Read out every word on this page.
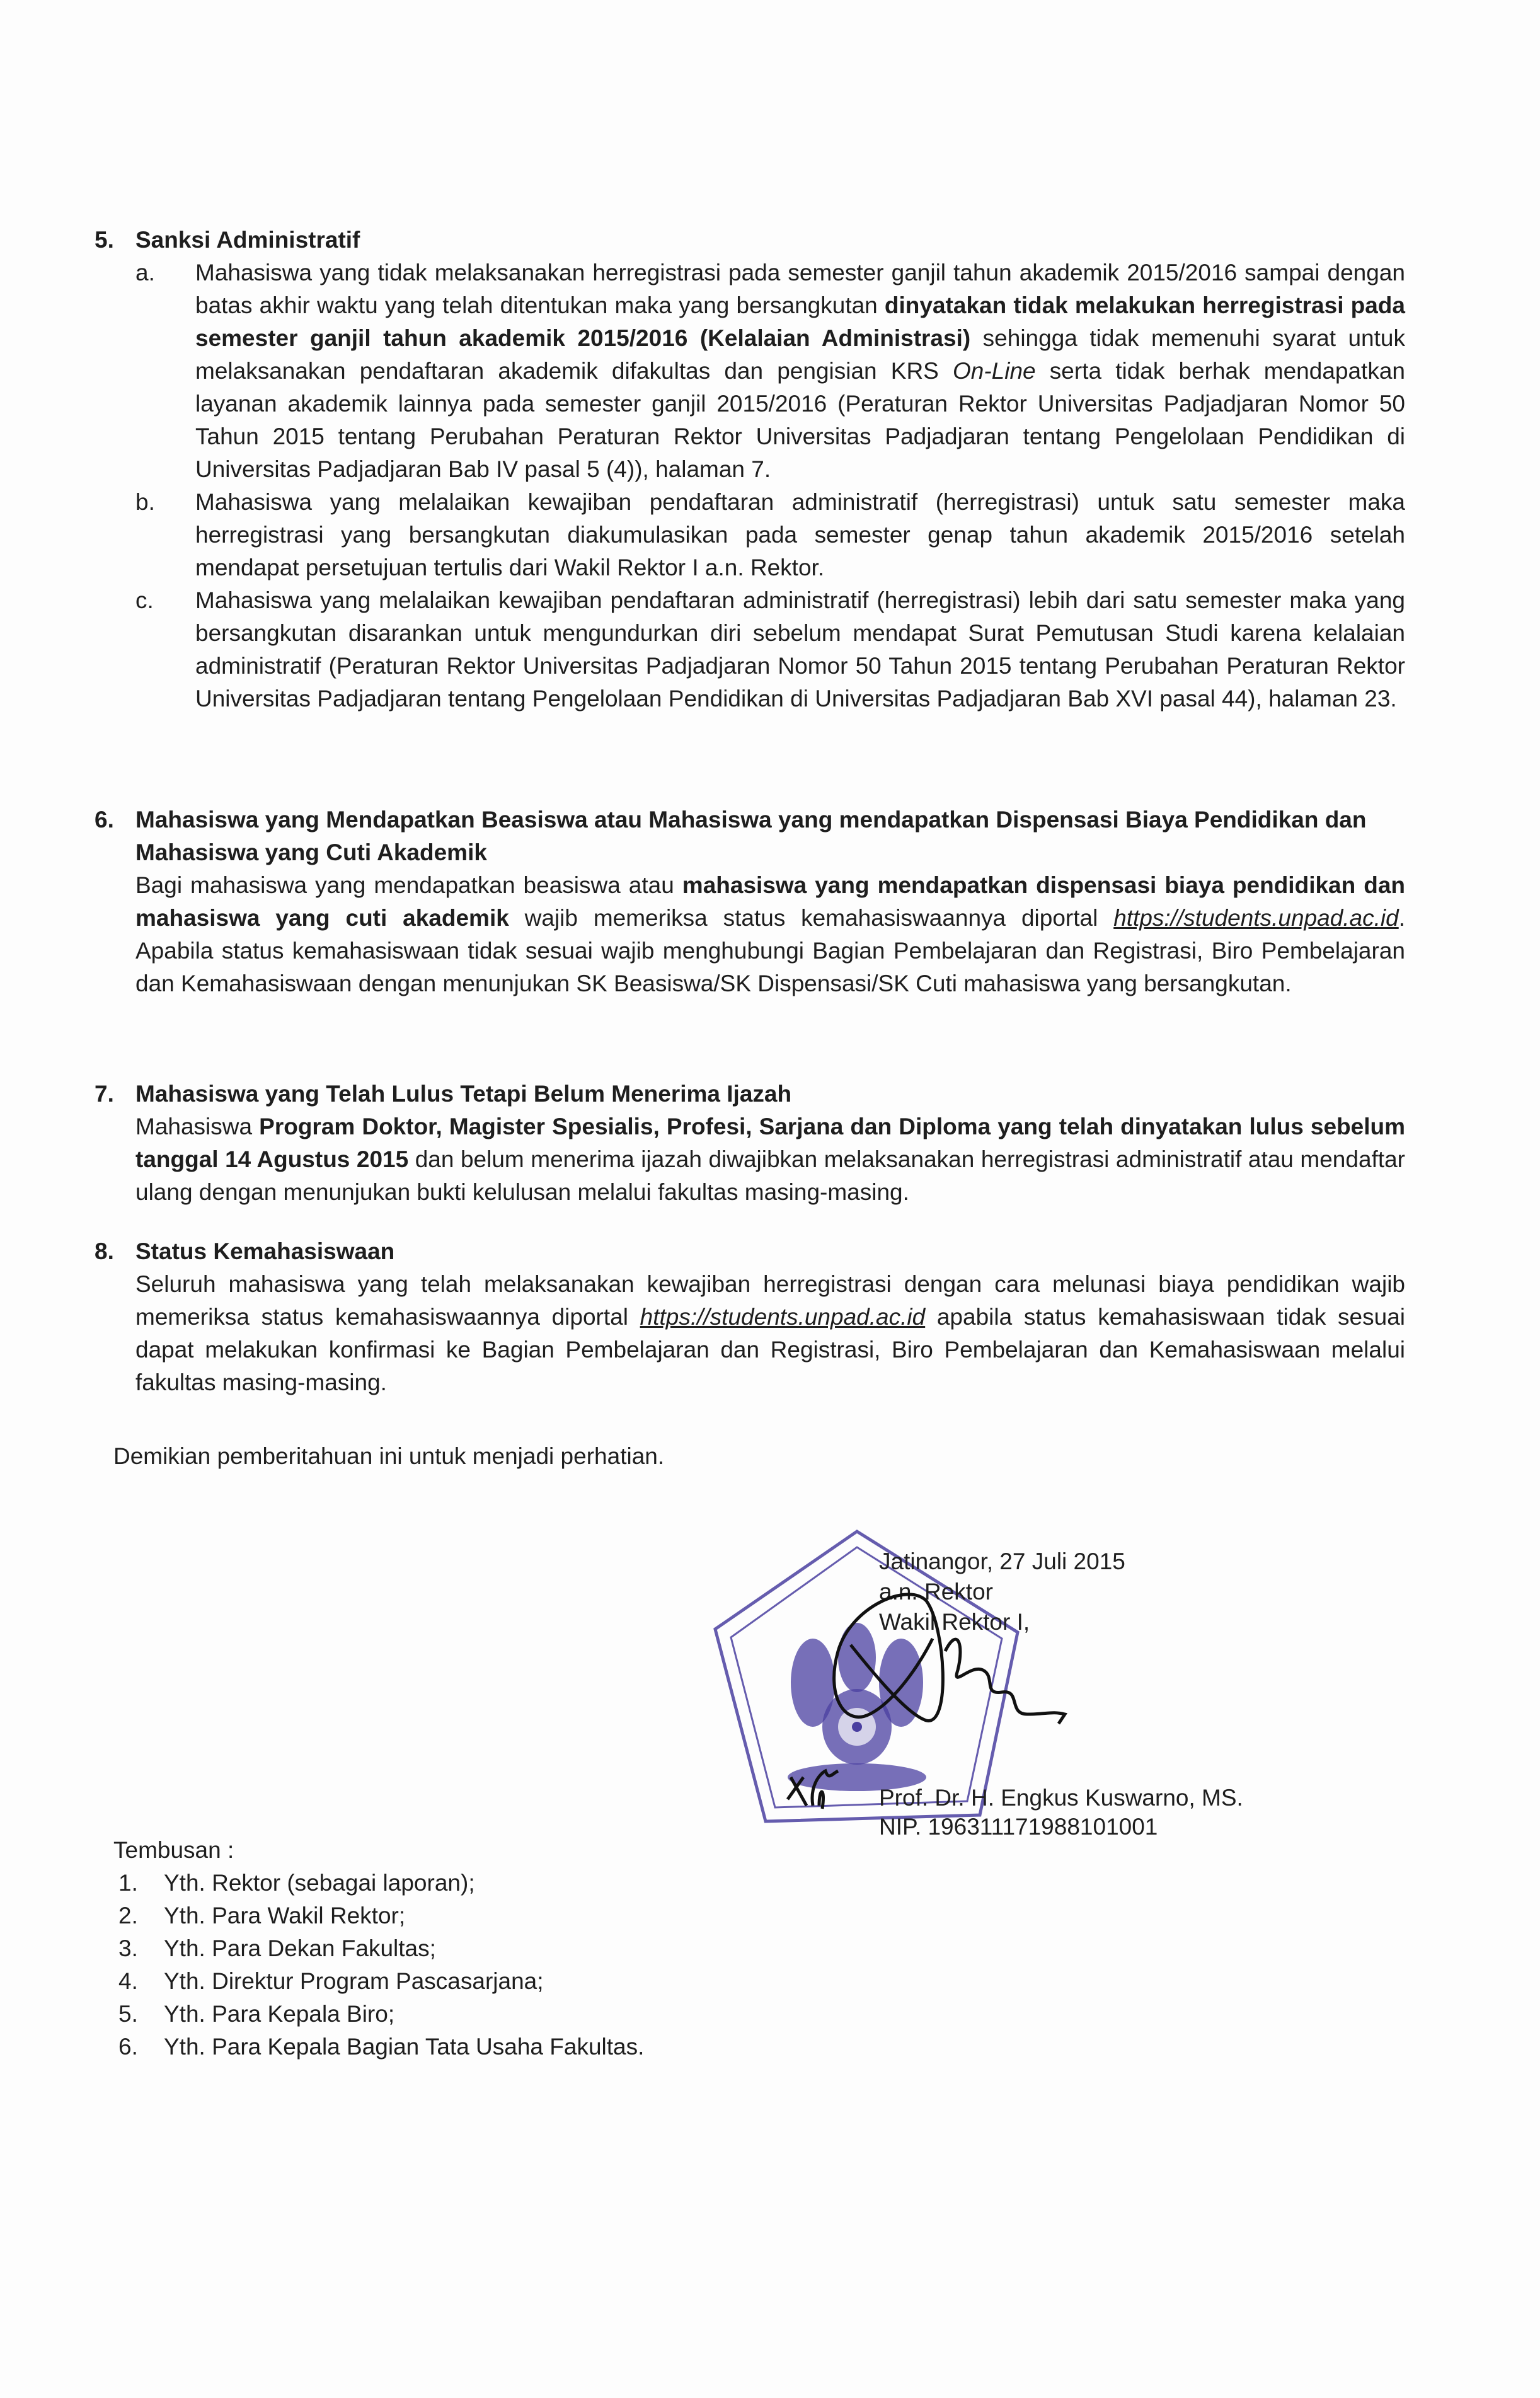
5. Sanksi Administratif
a. Mahasiswa yang tidak melaksanakan herregistrasi pada semester ganjil tahun akademik 2015/2016 sampai dengan batas akhir waktu yang telah ditentukan maka yang bersangkutan dinyatakan tidak melakukan herregistrasi pada semester ganjil tahun akademik 2015/2016 (Kelalaian Administrasi) sehingga tidak memenuhi syarat untuk melaksanakan pendaftaran akademik difakultas dan pengisian KRS On-Line serta tidak berhak mendapatkan layanan akademik lainnya pada semester ganjil 2015/2016 (Peraturan Rektor Universitas Padjadjaran Nomor 50 Tahun 2015 tentang Perubahan Peraturan Rektor Universitas Padjadjaran tentang Pengelolaan Pendidikan di Universitas Padjadjaran Bab IV pasal 5 (4)), halaman 7.
b. Mahasiswa yang melalaikan kewajiban pendaftaran administratif (herregistrasi) untuk satu semester maka herregistrasi yang bersangkutan diakumulasikan pada semester genap tahun akademik 2015/2016 setelah mendapat persetujuan tertulis dari Wakil Rektor I a.n. Rektor.
c. Mahasiswa yang melalaikan kewajiban pendaftaran administratif (herregistrasi) lebih dari satu semester maka yang bersangkutan disarankan untuk mengundurkan diri sebelum mendapat Surat Pemutusan Studi karena kelalaian administratif (Peraturan Rektor Universitas Padjadjaran Nomor 50 Tahun 2015 tentang Perubahan Peraturan Rektor Universitas Padjadjaran tentang Pengelolaan Pendidikan di Universitas Padjadjaran Bab XVI pasal 44), halaman 23.
6. Mahasiswa yang Mendapatkan Beasiswa atau Mahasiswa yang mendapatkan Dispensasi Biaya Pendidikan dan Mahasiswa yang Cuti Akademik
Bagi mahasiswa yang mendapatkan beasiswa atau mahasiswa yang mendapatkan dispensasi biaya pendidikan dan mahasiswa yang cuti akademik wajib memeriksa status kemahasiswaannya diportal https://students.unpad.ac.id. Apabila status kemahasiswaan tidak sesuai wajib menghubungi Bagian Pembelajaran dan Registrasi, Biro Pembelajaran dan Kemahasiswaan dengan menunjukan SK Beasiswa/SK Dispensasi/SK Cuti mahasiswa yang bersangkutan.
7. Mahasiswa yang Telah Lulus Tetapi Belum Menerima Ijazah
Mahasiswa Program Doktor, Magister Spesialis, Profesi, Sarjana dan Diploma yang telah dinyatakan lulus sebelum tanggal 14 Agustus 2015 dan belum menerima ijazah diwajibkan melaksanakan herregistrasi administratif atau mendaftar ulang dengan menunjukan bukti kelulusan melalui fakultas masing-masing.
8. Status Kemahasiswaan
Seluruh mahasiswa yang telah melaksanakan kewajiban herregistrasi dengan cara melunasi biaya pendidikan wajib memeriksa status kemahasiswaannya diportal https://students.unpad.ac.id apabila status kemahasiswaan tidak sesuai dapat melakukan konfirmasi ke Bagian Pembelajaran dan Registrasi, Biro Pembelajaran dan Kemahasiswaan melalui fakultas masing-masing.
Demikian pemberitahuan ini untuk menjadi perhatian.
Jatinangor, 27 Juli 2015
a.n. Rektor
Wakil Rektor I,
Prof. Dr. H. Engkus Kuswarno, MS.
NIP. 196311171988101001
Tembusan :
1. Yth. Rektor (sebagai laporan);
2. Yth. Para Wakil Rektor;
3. Yth. Para Dekan Fakultas;
4. Yth. Direktur Program Pascasarjana;
5. Yth. Para Kepala Biro;
6. Yth. Para Kepala Bagian Tata Usaha Fakultas.
